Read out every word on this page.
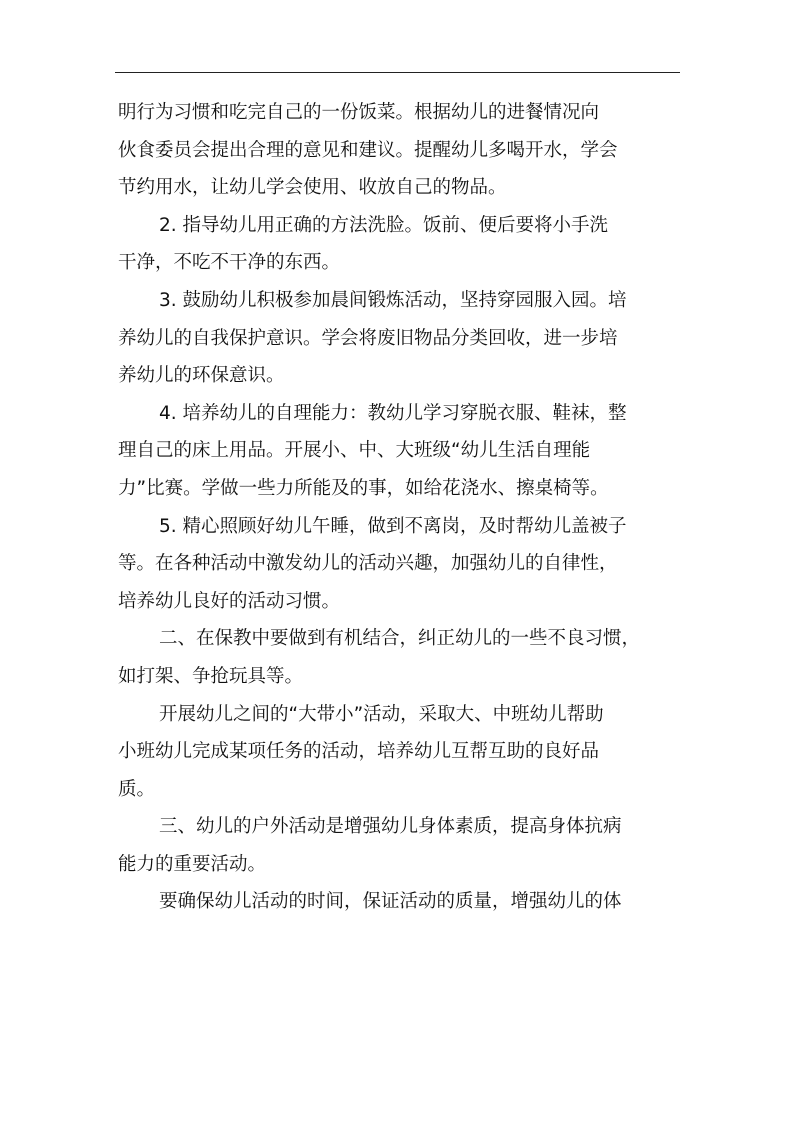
明行为习惯和吃完自己的一份饭菜。根据幼儿的进餐情况向
伙食委员会提出合理的意见和建议。提醒幼儿多喝开水，学会
节约用水，让幼儿学会使用、收放自己的物品。
2. 指导幼儿用正确的方法洗脸。饭前、便后要将小手洗
干净，不吃不干净的东西。
3. 鼓励幼儿积极参加晨间锻炼活动，坚持穿园服入园。培
养幼儿的自我保护意识。学会将废旧物品分类回收，进一步培
养幼儿的环保意识。
4. 培养幼儿的自理能力：教幼儿学习穿脱衣服、鞋袜，整
理自己的床上用品。开展小、中、大班级“幼儿生活自理能
力”比赛。学做一些力所能及的事，如给花浇水、擦桌椅等。
5. 精心照顾好幼儿午睡，做到不离岗，及时帮幼儿盖被子
等。在各种活动中激发幼儿的活动兴趣，加强幼儿的自律性，
培养幼儿良好的活动习惯。
二、在保教中要做到有机结合，纠正幼儿的一些不良习惯，
如打架、争抢玩具等。
开展幼儿之间的“大带小”活动，采取大、中班幼儿帮助
小班幼儿完成某项任务的活动，培养幼儿互帮互助的良好品
质。
三、幼儿的户外活动是增强幼儿身体素质，提高身体抗病
能力的重要活动。
要确保幼儿活动的时间，保证活动的质量，增强幼儿的体
